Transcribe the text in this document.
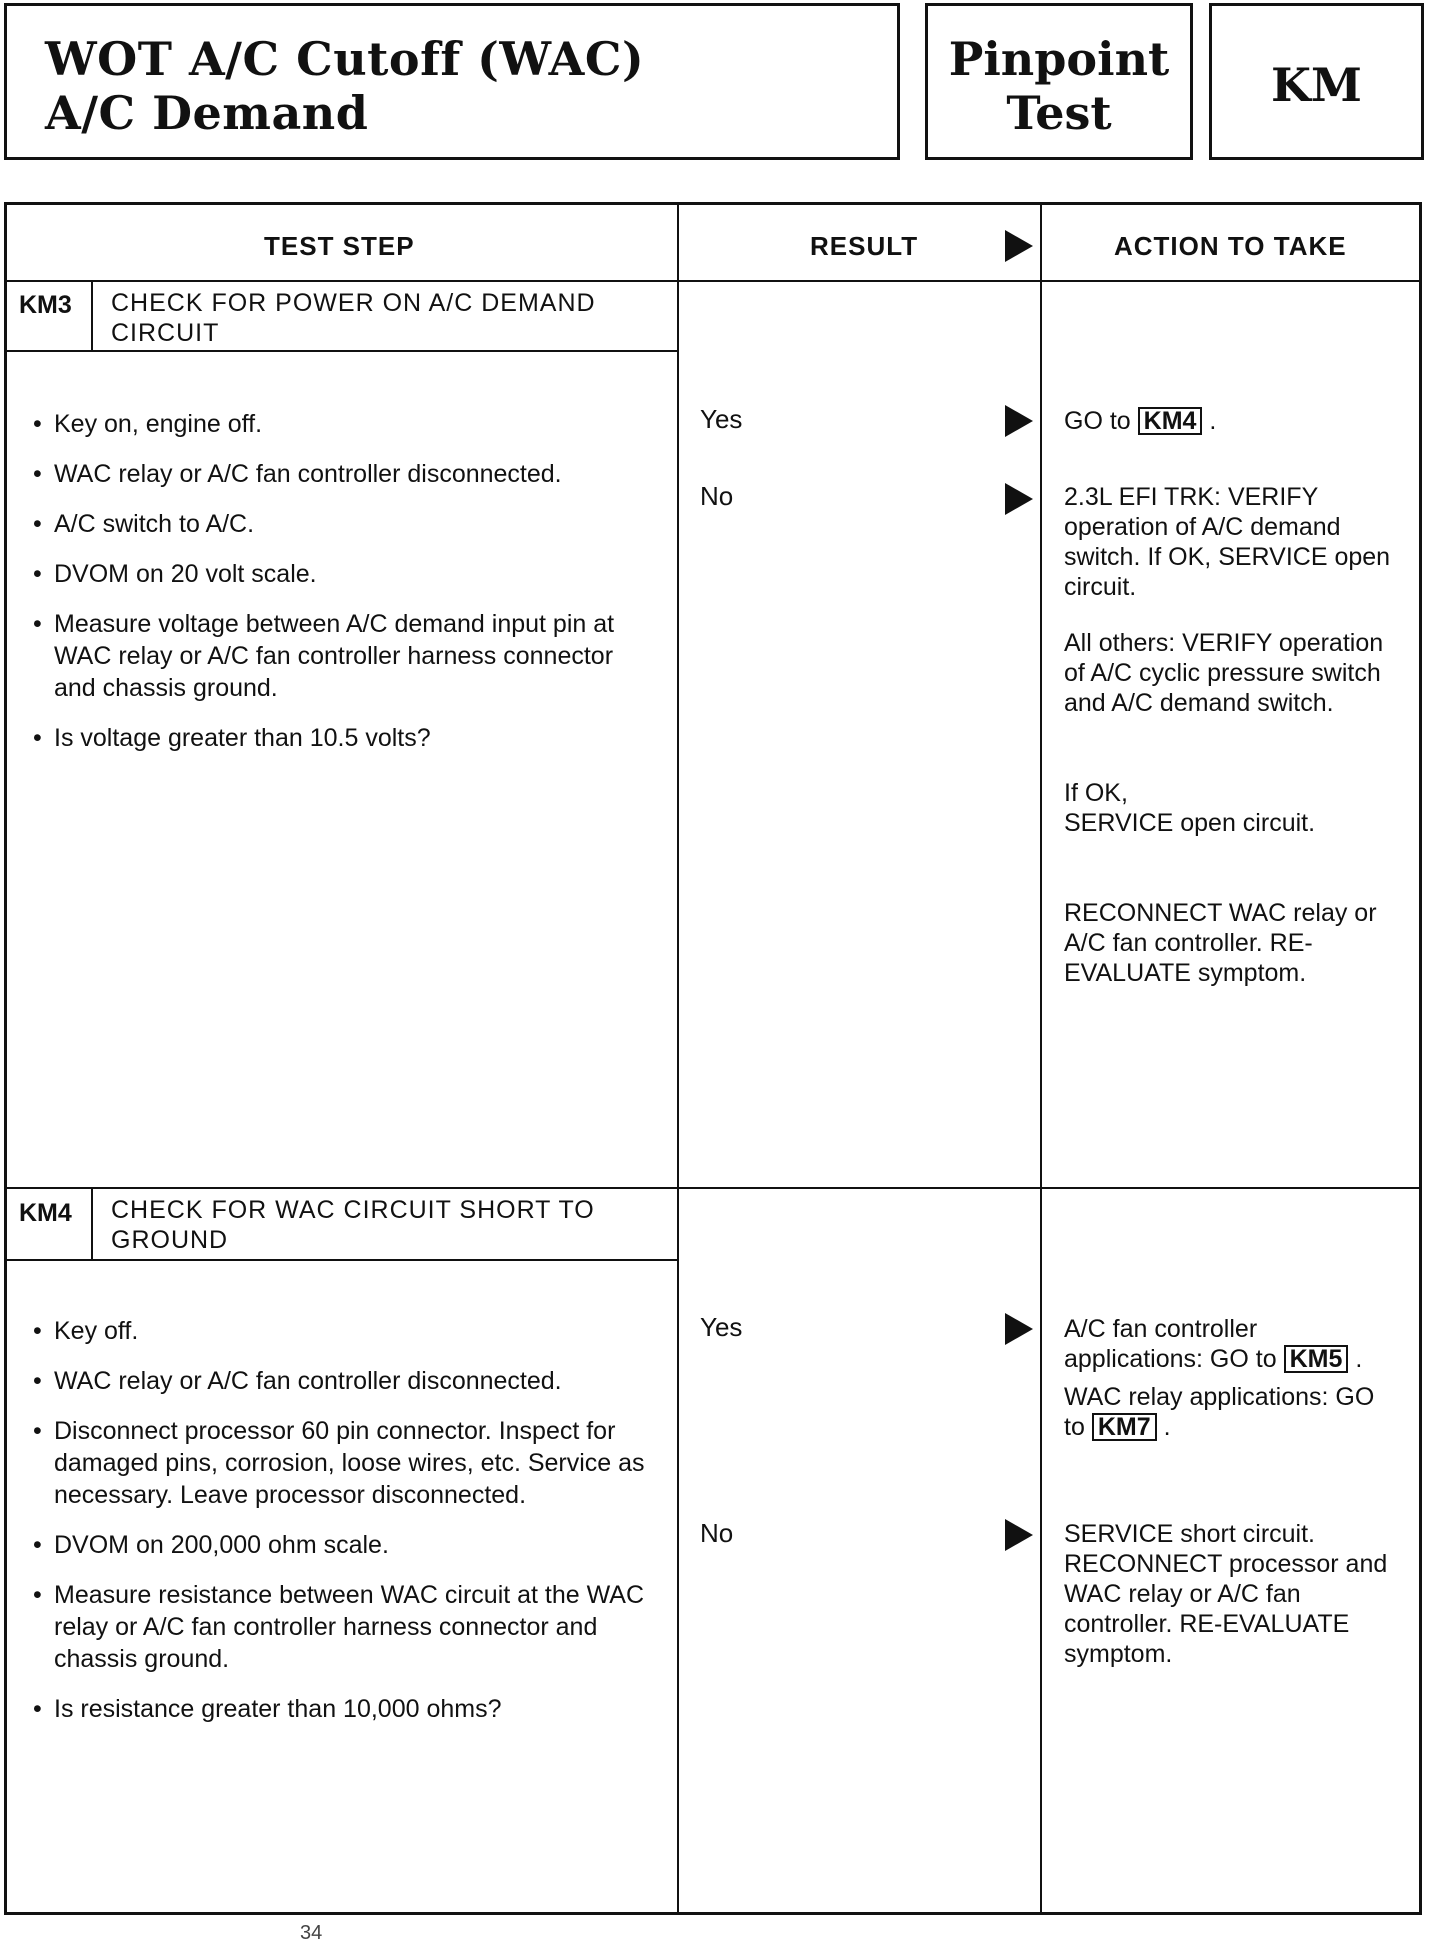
WOT A/C Cutoff (WAC)
A/C Demand
Pinpoint
Test
KM
TEST STEP	RESULT	ACTION TO TAKE
KM3 CHECK FOR POWER ON A/C DEMAND CIRCUIT
• Key on, engine off.
• WAC relay or A/C fan controller disconnected.
• A/C switch to A/C.
• DVOM on 20 volt scale.
• Measure voltage between A/C demand input pin at WAC relay or A/C fan controller harness connector and chassis ground.
• Is voltage greater than 10.5 volts?
Yes
No
GO to KM4 .

2.3L EFI TRK: VERIFY operation of A/C demand switch. If OK, SERVICE open circuit.

All others: VERIFY operation of A/C cyclic pressure switch and A/C demand switch.

If OK,

SERVICE open circuit.

RECONNECT WAC relay or A/C fan controller. RE-EVALUATE symptom.

KM4 CHECK FOR WAC CIRCUIT SHORT TO GROUND
• Key off.
• WAC relay or A/C fan controller disconnected.
• Disconnect processor 60 pin connector. Inspect for damaged pins, corrosion, loose wires, etc. Service as necessary. Leave processor disconnected.
• DVOM on 200,000 ohm scale.
• Measure resistance between WAC circuit at the WAC relay or A/C fan controller harness connector and chassis ground.
• Is resistance greater than 10,000 ohms?
Yes
No

A/C fan controller applications: GO to KM5 .

WAC relay applications: GO to KM7 .

SERVICE short circuit. RECONNECT processor and WAC relay or A/C fan controller. RE-EVALUATE symptom.
34
